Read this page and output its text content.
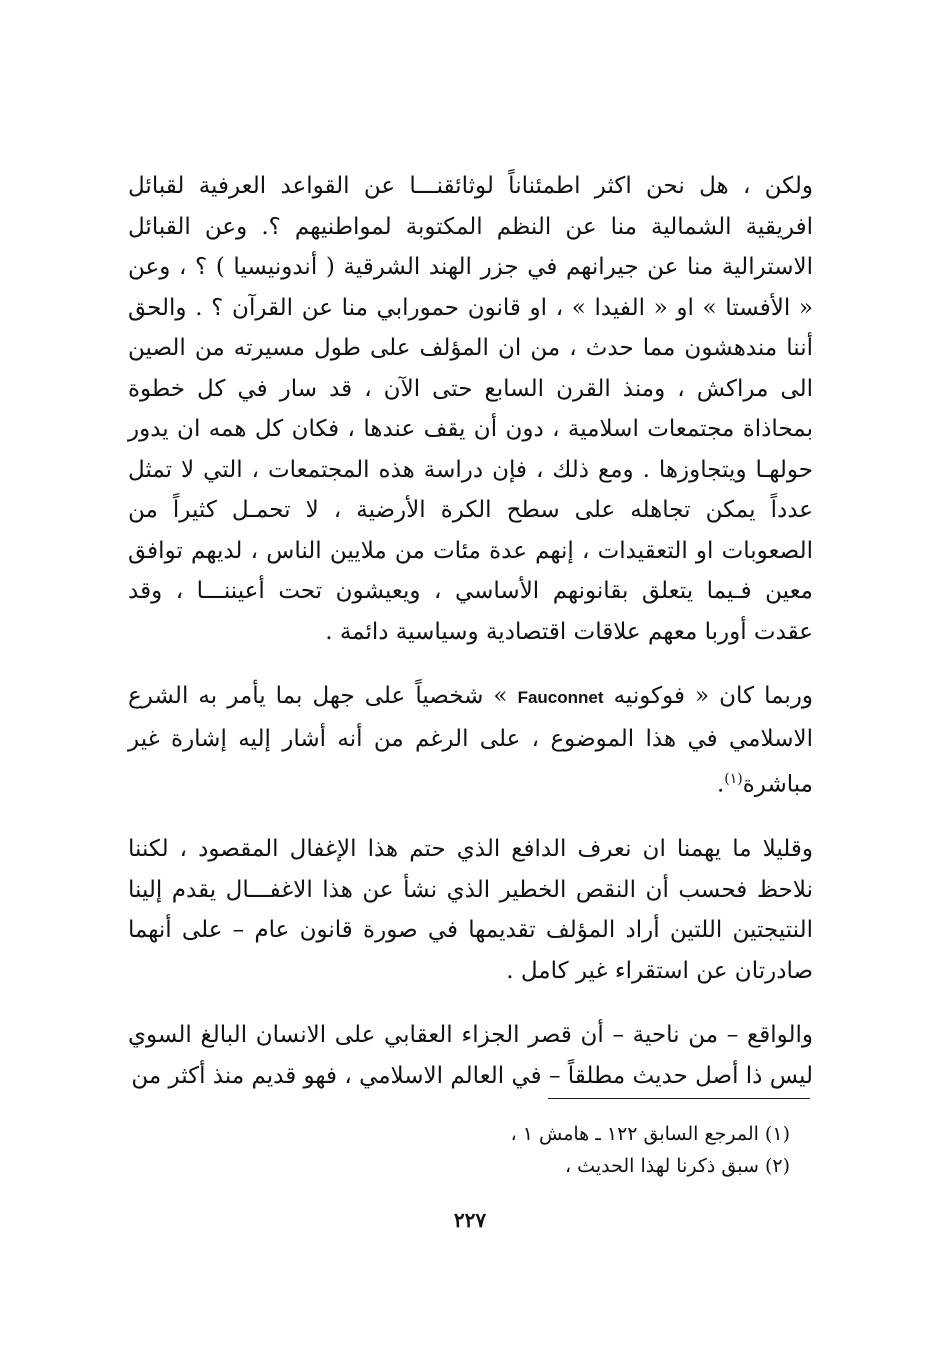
ولكن ، هل نحن اكثر اطمئناناً لوثائقنـــا عن القواعد العرفية لقبائل افريقية الشمالية منا عن النظم المكتوبة لمواطنيهم ؟. وعن القبائل الاسترالية منا عن جيرانهم في جزر الهند الشرقية ( أندونيسيا ) ؟ ، وعن « الأفستا » او « الفيدا » ، او قانون حمورابي منا عن القرآن ؟ . والحق أننا مندهشون مما حدث ، من ان المؤلف على طول مسيرته من الصين الى مراكش ، ومنذ القرن السابع حتى الآن ، قد سار في كل خطوة بمحاذاة مجتمعات اسلامية ، دون أن يقف عندها ، فكان كل همه ان يدور حولهـا ويتجاوزها . ومع ذلك ، فإن دراسة هذه المجتمعات ، التي لا تمثل عدداً يمكن تجاهله على سطح الكرة الأرضية ، لا تحمـل كثيراً من الصعوبات او التعقيدات ، إنهم عدة مئات من ملايين الناس ، لديهم توافق معين فـيما يتعلق بقانونهم الأساسي ، ويعيشون تحت أعيننـــا ، وقد عقدت أوربا معهم علاقات اقتصادية وسياسية دائمة .

وربما كان « فوكونيه Fauconnet » شخصياً على جهل بما يأمر به الشرع الاسلامي في هذا الموضوع ، على الرغم من أنه أشار إليه إشارة غير مباشرة$^{(١)}$.

وقليلا ما يهمنا ان نعرف الدافع الذي حتم هذا الإغفال المقصود ، لكننا نلاحظ فحسب أن النقص الخطير الذي نشأ عن هذا الاغفـــال يقدم إلينا النتيجتين اللتين أراد المؤلف تقديمها في صورة قانون عام – على أنهما صادرتان عن استقراء غير كامل .

والواقع – من ناحية – أن قصر الجزاء العقابي على الانسان البالغ السوي ليس ذا أصل حديث مطلقاً – في العالم الاسلامي ، فهو قديم منذ أكثر من

(١) المرجع السابق ١٢٢ ـ هامش ١ ،

(٢) سبق ذكرنا لهذا الحديث ،

٢٢٧
